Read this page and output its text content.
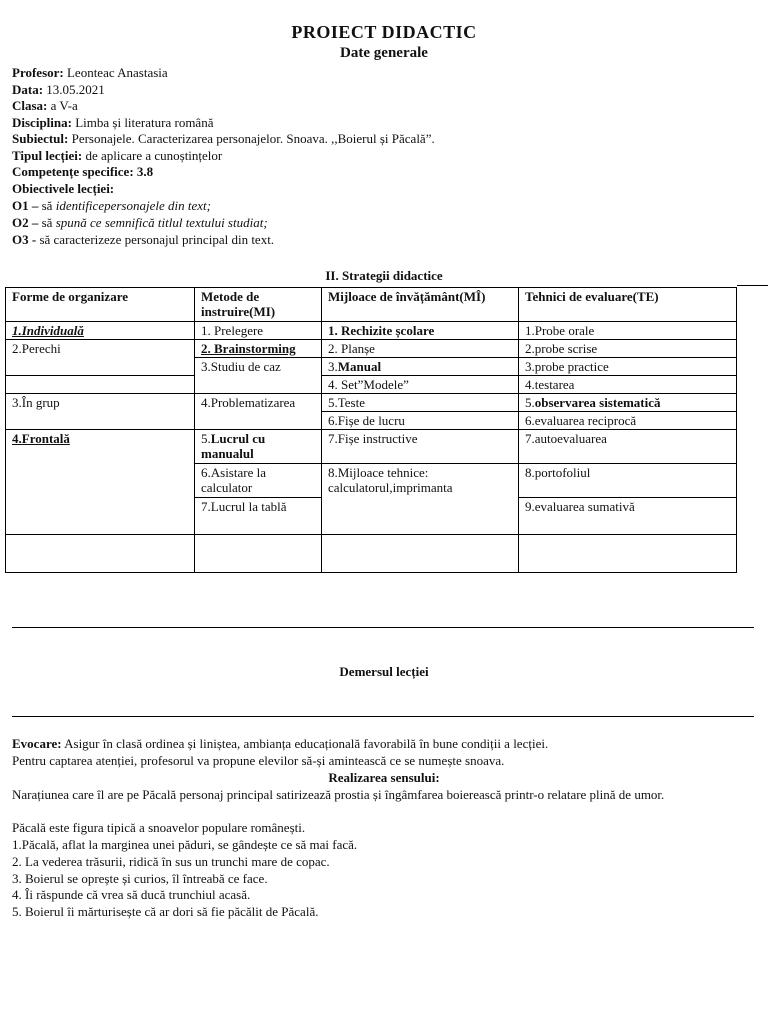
PROIECT DIDACTIC
Date generale
Profesor: Leonteac Anastasia
Data: 13.05.2021
Clasa: a V-a
Disciplina: Limba și literatura română
Subiectul: Personajele. Caracterizarea personajelor. Snoava. ,,Boierul și Păcală”.
Tipul lecției: de aplicare a cunoștințelor
Competențe specifice: 3.8
Obiectivele lecției:
O1 – să identificepersonajele din text;
O2 – să spună ce semnifică titlul textului studiat;
O3 - să caracterizeze personajul principal din text.
II. Strategii didactice
Forme de organizare	Metode de instruire(MI)	Mijloace de învățământ(MÎ)	Tehnici de evaluare(TE)
1.Individuală	1. Prelegere	1. Rechizite școlare	1.Probe orale
2.Perechi	2. Brainstorming	2. Planșe	2.probe scrise
	3.Studiu de caz	3.Manual	3.probe practice
		4. Set”Modele”	4.testarea
3.În grup	4.Problematizarea	5.Teste	5.observarea sistematică
		6.Fișe de lucru	6.evaluarea reciprocă
4.Frontală	5.Lucrul cu manualul	7.Fișe instructive	7.autoevaluarea
	6.Asistare la calculator	8.Mijloace tehnice: calculatorul,imprimanta	8.portofoliul
	7.Lucrul la tablă		9.evaluarea sumativă

Demersul lecției
Evocare: Asigur în clasă ordinea și liniștea, ambianța educațională favorabilă în bune condiții a lecției.
Pentru captarea atenției, profesorul va propune elevilor să-și amintească ce se numește snoava.
Realizarea sensului:
Narațiunea care îl are pe Păcală personaj principal satirizează prostia și îngâmfarea boierească printr-o relatare plină de umor.
Păcală este figura tipică a snoavelor populare românești.
1.Păcală, aflat la marginea unei păduri, se gândește ce să mai facă.
2. La vederea trăsurii, ridică în sus un trunchi mare de copac.
3. Boierul se oprește și curios, îl întreabă ce face.
4. Îi răspunde că vrea să ducă trunchiul acasă.
5. Boierul îi mărturisește că ar dori să fie păcălit de Păcală.
